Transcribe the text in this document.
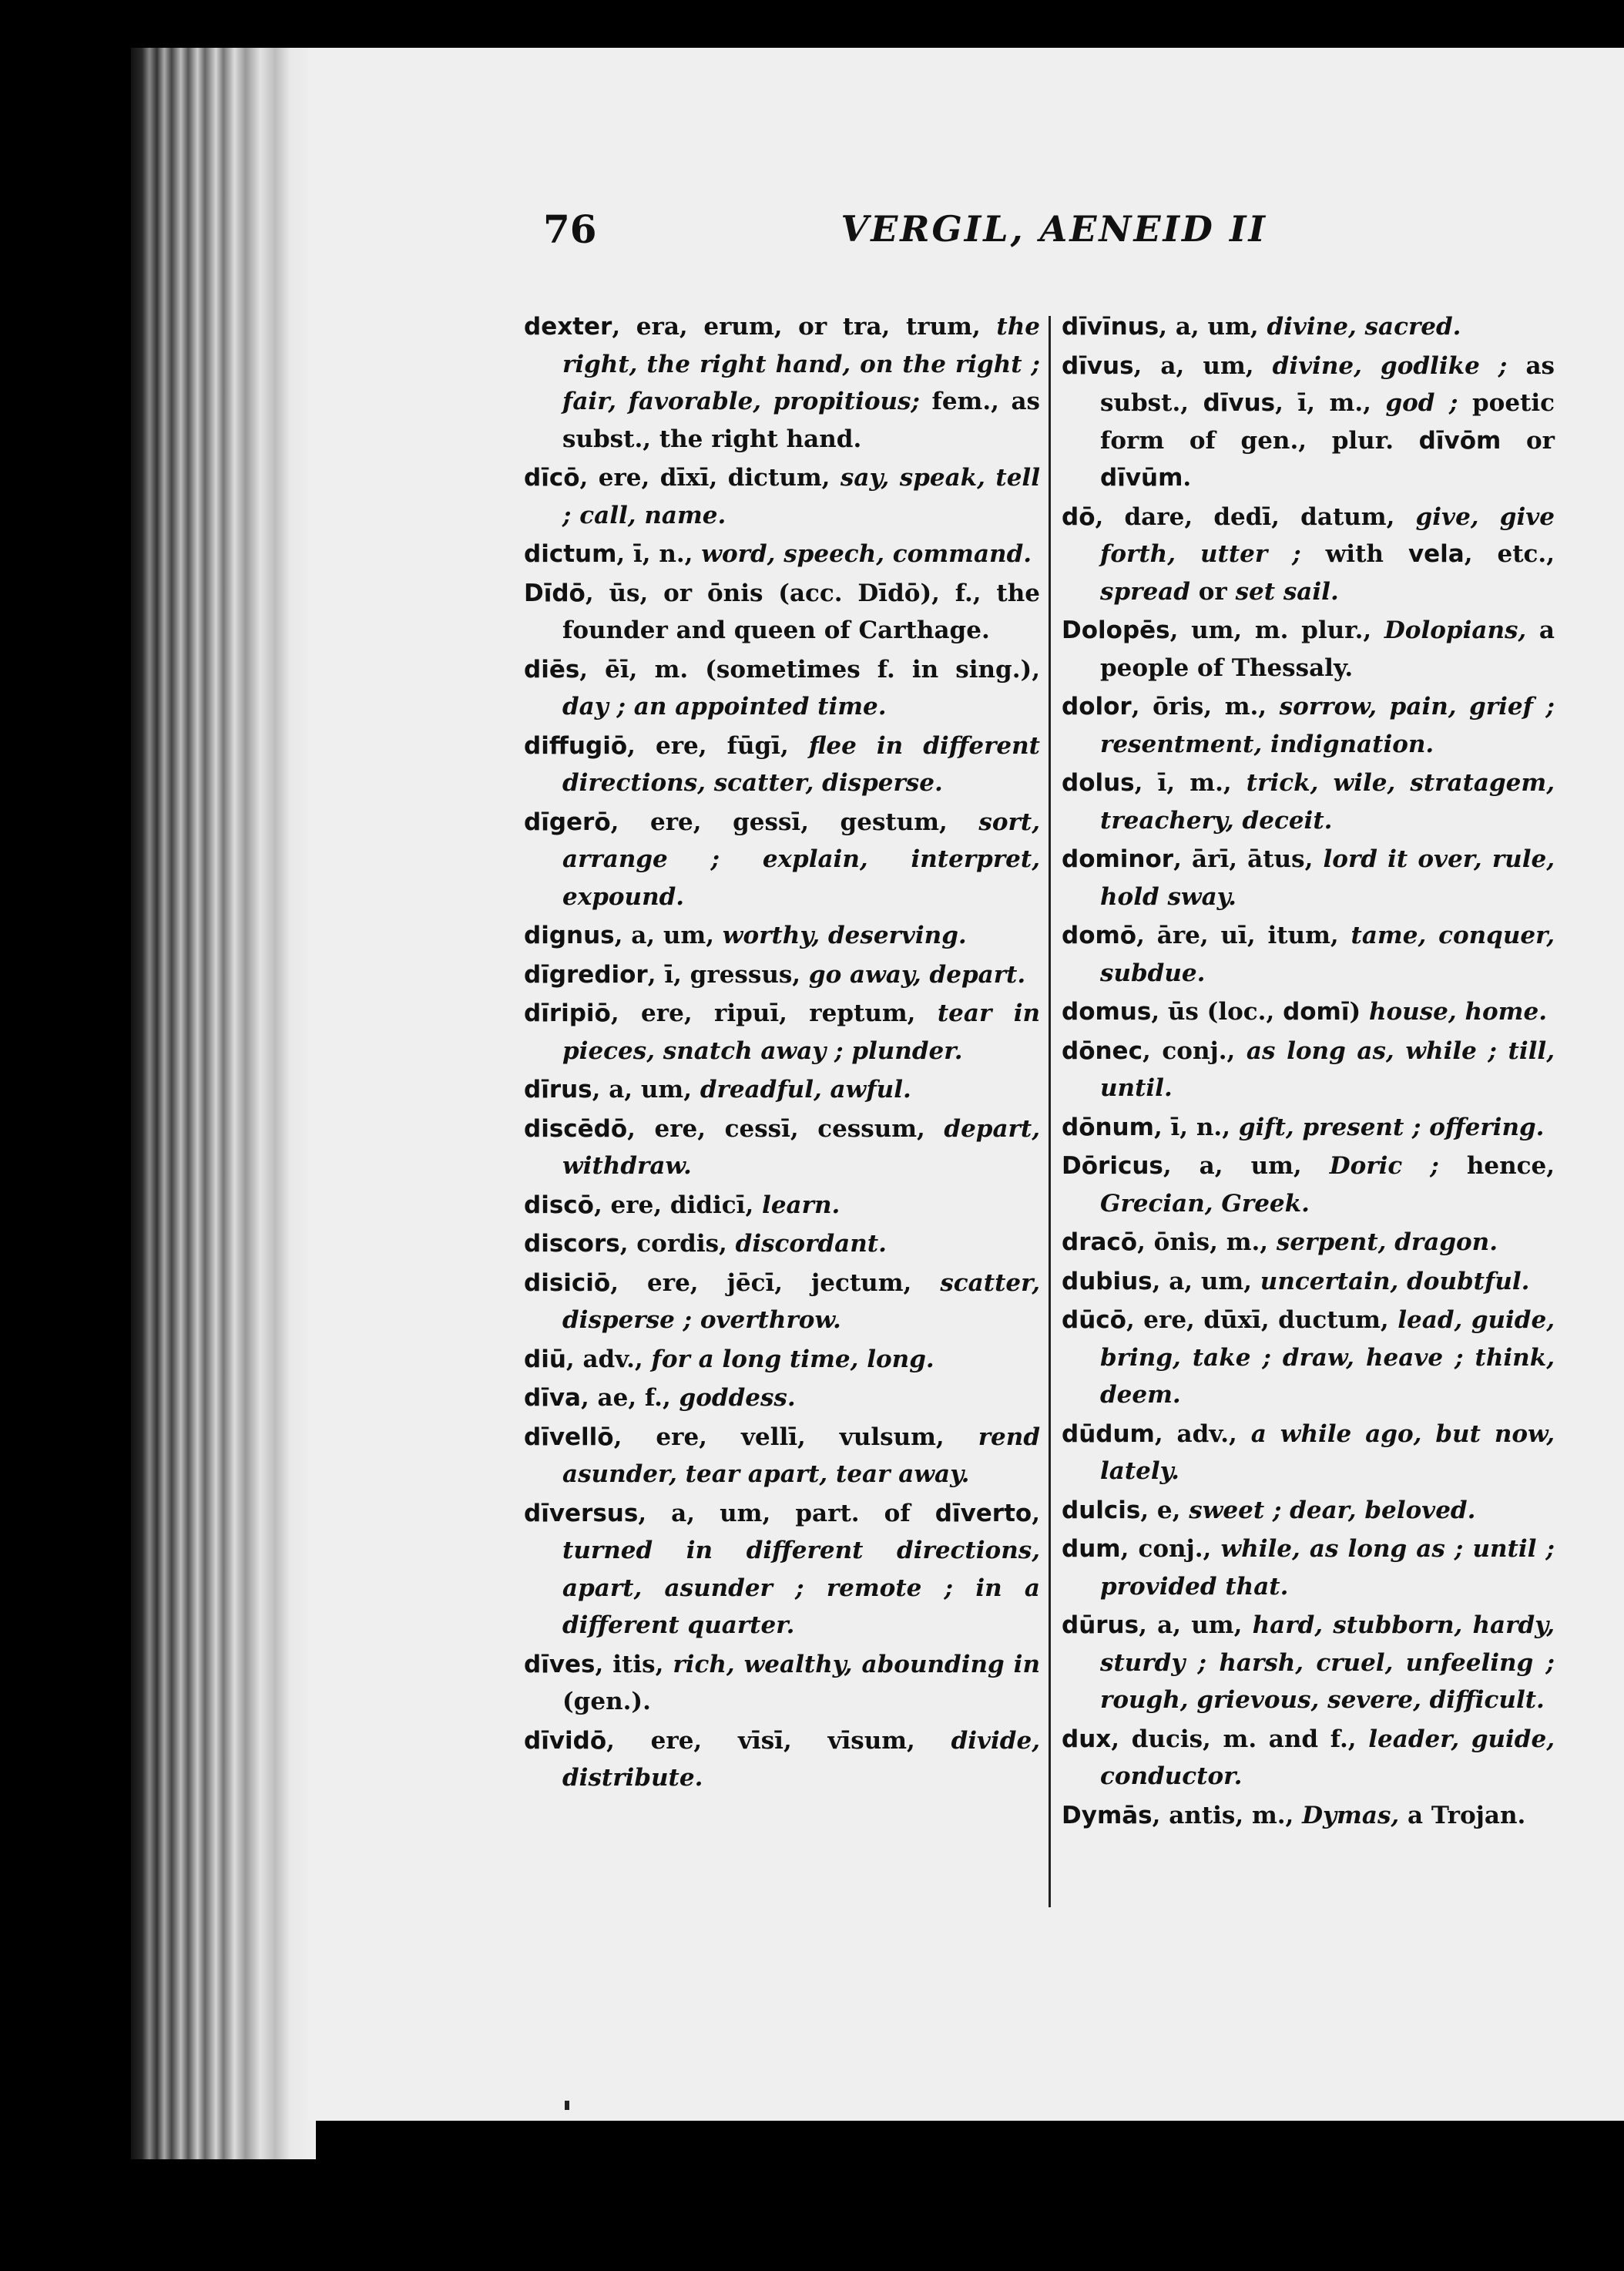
76	VERGIL, AENEID II

dexter, era, erum, or tra, trum, the right, the right hand, on the right ; fair, favorable, propitious; fem., as subst., the right hand.

dīcō, ere, dīxī, dictum, say, speak, tell ; call, name.

dictum, ī, n., word, speech, command.

Dīdō, ūs, or ōnis (acc. Dīdō), f., the founder and queen of Carthage.

diēs, ēī, m. (sometimes f. in sing.), day ; an appointed time.

diffugiō, ere, fūgī, flee in different directions, scatter, disperse.

dīgerō, ere, gessī, gestum, sort, arrange ; explain, interpret, expound.

dignus, a, um, worthy, deserving.

dīgredior, ī, gressus, go away, depart.

dīripiō, ere, ripuī, reptum, tear in pieces, snatch away ; plunder.

dīrus, a, um, dreadful, awful.

discēdō, ere, cessī, cessum, depart, withdraw.

discō, ere, didicī, learn.

discors, cordis, discordant.

disiciō, ere, jēcī, jectum, scatter, disperse ; overthrow.

diū, adv., for a long time, long.

dīva, ae, f., goddess.

dīvellō, ere, vellī, vulsum, rend asunder, tear apart, tear away.

dīversus, a, um, part. of dīverto, turned in different directions, apart, asunder ; remote ; in a different quarter.

dīves, itis, rich, wealthy, abounding in (gen.).

dīvidō, ere, vīsī, vīsum, divide, distribute.

dīvīnus, a, um, divine, sacred.

dīvus, a, um, divine, godlike ; as subst., dīvus, ī, m., god ; poetic form of gen., plur. dīvōm or dīvūm.

dō, dare, dedī, datum, give, give forth, utter ; with vela, etc., spread or set sail.

Dolopēs, um, m. plur., Dolopians, a people of Thessaly.

dolor, ōris, m., sorrow, pain, grief ; resentment, indignation.

dolus, ī, m., trick, wile, stratagem, treachery, deceit.

dominor, ārī, ātus, lord it over, rule, hold sway.

domō, āre, uī, itum, tame, conquer, subdue.

domus, ūs (loc., domī) house, home.

dōnec, conj., as long as, while ; till, until.

dōnum, ī, n., gift, present ; offering.

Dōricus, a, um, Doric ; hence, Grecian, Greek.

dracō, ōnis, m., serpent, dragon.

dubius, a, um, uncertain, doubtful.

dūcō, ere, dūxī, ductum, lead, guide, bring, take ; draw, heave ; think, deem.

dūdum, adv., a while ago, but now, lately.

dulcis, e, sweet ; dear, beloved.

dum, conj., while, as long as ; until ; provided that.

dūrus, a, um, hard, stubborn, hardy, sturdy ; harsh, cruel, unfeeling ; rough, grievous, severe, difficult.

dux, ducis, m. and f., leader, guide, conductor.

Dymās, antis, m., Dymas, a Trojan.
